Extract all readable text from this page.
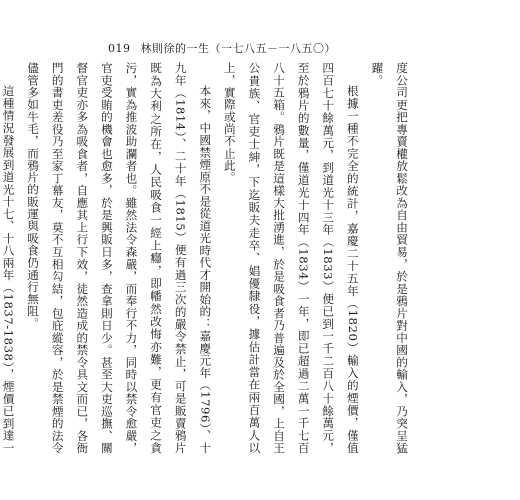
019 林則徐的一生（一七八五－一八五〇）

度公司更把專賣權放鬆改為自由貿易，於是鴉片對中國的輸入，乃突呈猛躍。

根據一種不完全的統計，嘉慶二十五年（1820）輸入的煙價，僅值四百七十餘萬元，到道光十三年（1833）便已到一千二百八十餘萬元，至於鴉片的數量，僅道光十四年（1834）一年，即已超過二萬一千七百八十五箱。鴉片既是這樣大批湧進，於是吸食者乃普遍及於全國，上自王公貴族、官吏士紳，下迄販夫走卒、娼優隸役，據估計當在兩百萬人以上，實際或尚不止此。

本來，中國禁煙原不是從道光時代才開始的：嘉慶元年（1796）、十九年（1814）、二十年（1815）便有過三次的嚴令禁止，可是販賣鴉片既為大利之所在，人民吸食一經上癮，即幡然改悔亦難，更有官吏之貪污，實為推波助瀾者也。雖然法令森嚴，而奉行不力，同時以禁令愈嚴，官吏受賄的機會也愈多，於是興販日多，查拿則日少。甚至大吏巡撫、關督官吏亦多為吸食者，自應其上行下效，徒然造成的禁令具文而已，各衙門的書吏差役乃至家丁幕友，莫不互相勾結，包庇縱容，於是禁煙的法令儘管多如牛毛，而鴉片的販運與吸食仍通行無阻。

這種情況發展到道光十七、十八兩年（1837-1838），煙價已到達一
